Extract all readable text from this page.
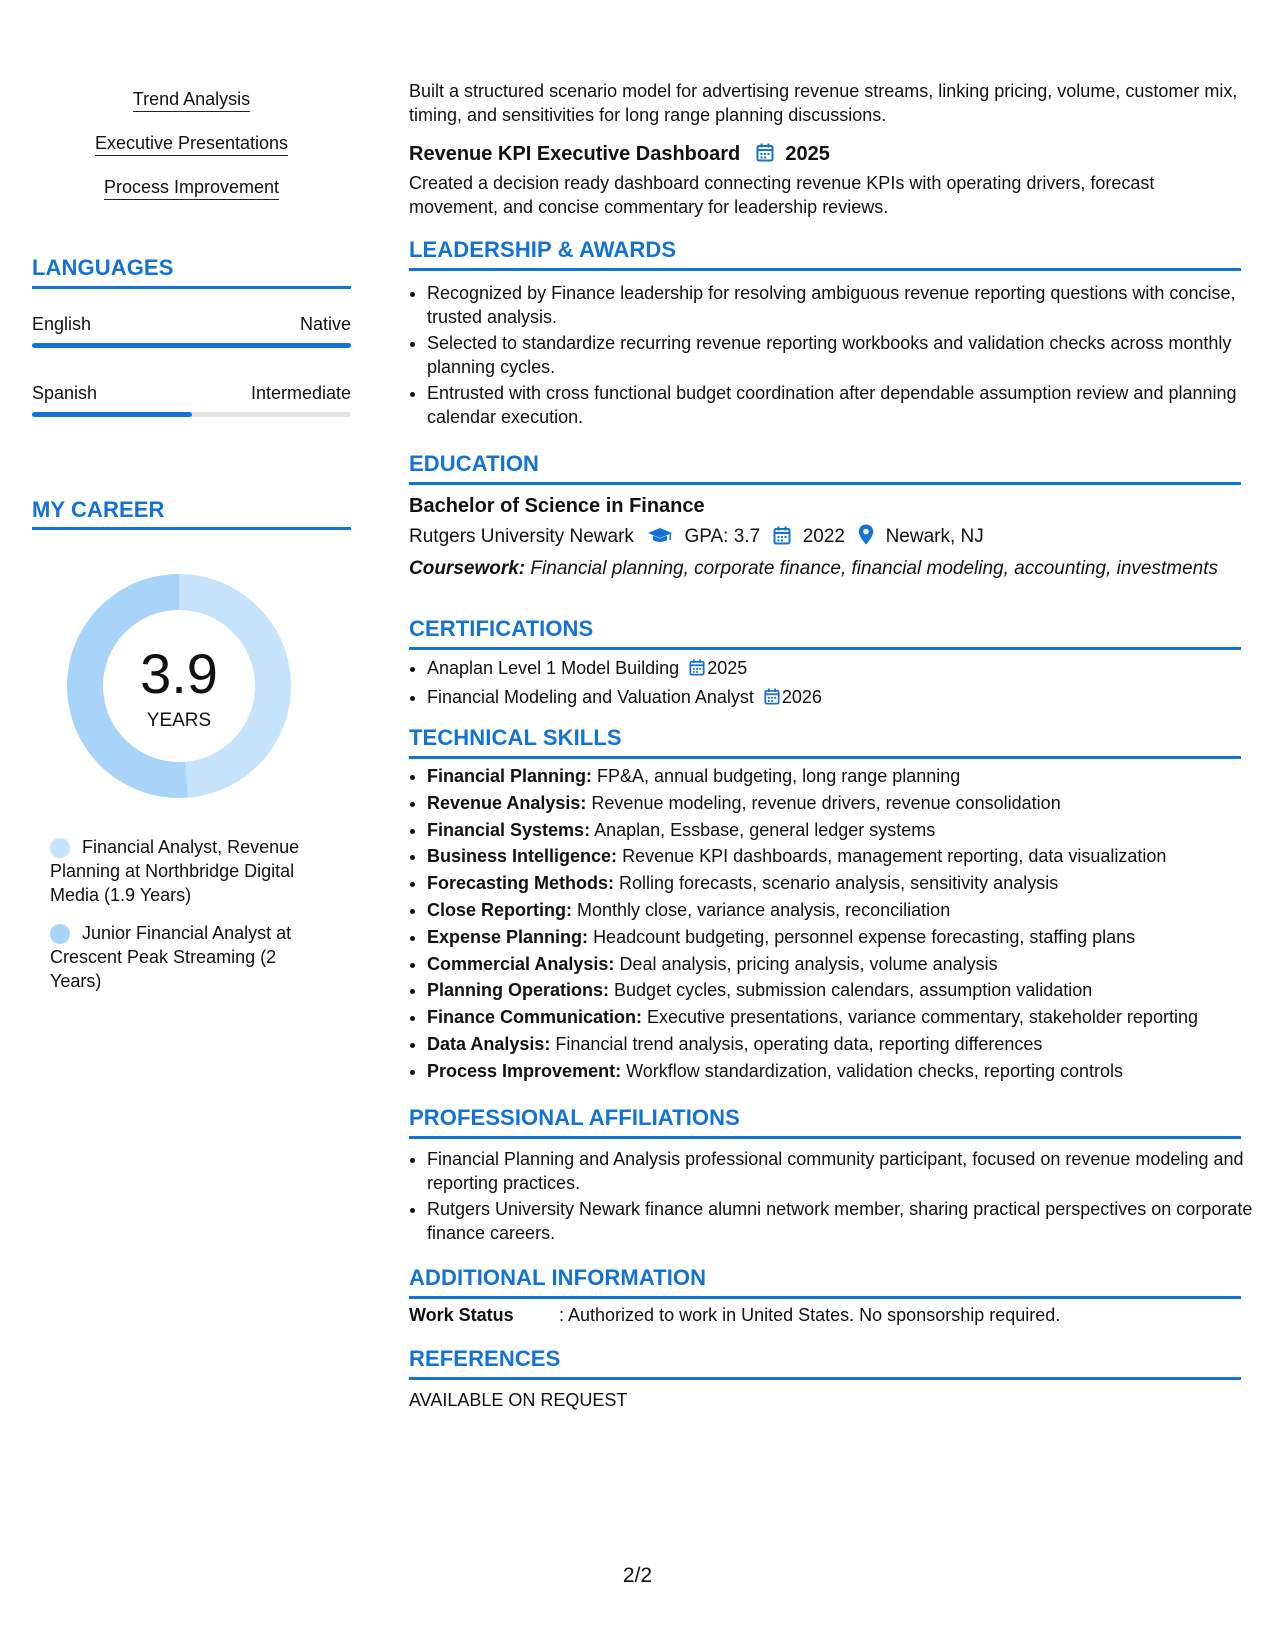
Trend Analysis
Executive Presentations
Process Improvement
LANGUAGES
English	Native
Spanish	Intermediate
MY CAREER
3.9
YEARS
Financial Analyst, Revenue Planning at Northbridge Digital Media (1.9 Years)
Junior Financial Analyst at Crescent Peak Streaming (2 Years)
Built a structured scenario model for advertising revenue streams, linking pricing, volume, customer mix, timing, and sensitivities for long range planning discussions.
Revenue KPI Executive Dashboard 2025
Created a decision ready dashboard connecting revenue KPIs with operating drivers, forecast movement, and concise commentary for leadership reviews.
LEADERSHIP & AWARDS
• Recognized by Finance leadership for resolving ambiguous revenue reporting questions with concise, trusted analysis.
• Selected to standardize recurring revenue reporting workbooks and validation checks across monthly planning cycles.
• Entrusted with cross functional budget coordination after dependable assumption review and planning calendar execution.
EDUCATION
Bachelor of Science in Finance
Rutgers University Newark	GPA: 3.7 2022 Newark, NJ
Coursework: Financial planning, corporate finance, financial modeling, accounting, investments
CERTIFICATIONS
• Anaplan Level 1 Model Building 2025
• Financial Modeling and Valuation Analyst 2026
TECHNICAL SKILLS
• Financial Planning: FP&A, annual budgeting, long range planning
• Revenue Analysis: Revenue modeling, revenue drivers, revenue consolidation
• Financial Systems: Anaplan, Essbase, general ledger systems
• Business Intelligence: Revenue KPI dashboards, management reporting, data visualization
• Forecasting Methods: Rolling forecasts, scenario analysis, sensitivity analysis
• Close Reporting: Monthly close, variance analysis, reconciliation
• Expense Planning: Headcount budgeting, personnel expense forecasting, staffing plans
• Commercial Analysis: Deal analysis, pricing analysis, volume analysis
• Planning Operations: Budget cycles, submission calendars, assumption validation
• Finance Communication: Executive presentations, variance commentary, stakeholder reporting
• Data Analysis: Financial trend analysis, operating data, reporting differences
• Process Improvement: Workflow standardization, validation checks, reporting controls
PROFESSIONAL AFFILIATIONS
• Financial Planning and Analysis professional community participant, focused on revenue modeling and reporting practices.
• Rutgers University Newark finance alumni network member, sharing practical perspectives on corporate finance careers.
ADDITIONAL INFORMATION
Work Status	: Authorized to work in United States. No sponsorship required.
REFERENCES
AVAILABLE ON REQUEST
2/2
